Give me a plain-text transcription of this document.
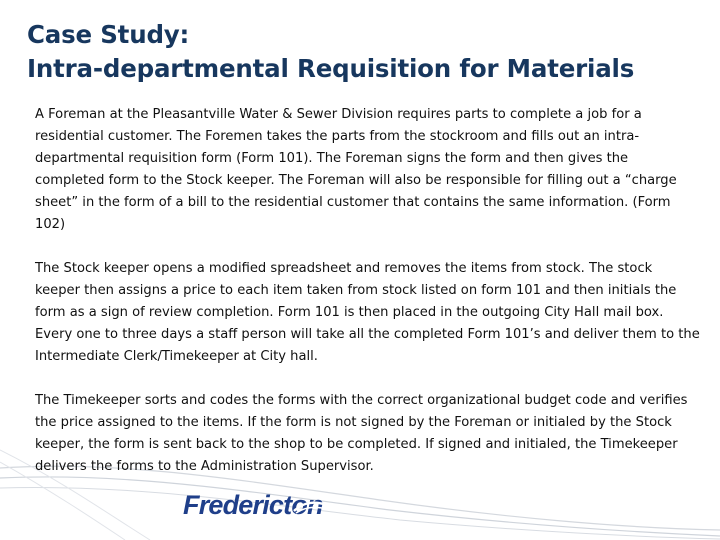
Case Study:
Intra-departmental Requisition for Materials

A Foreman at the Pleasantville Water & Sewer Division requires parts to complete a job for a residential customer. The Foremen takes the parts from the stockroom and fills out an intra-departmental requisition form (Form 101). The Foreman signs the form and then gives the completed form to the Stock keeper. The Foreman will also be responsible for filling out a “charge sheet” in the form of a bill to the residential customer that contains the same information. (Form 102)

The Stock keeper opens a modified spreadsheet and removes the items from stock. The stock keeper then assigns a price to each item taken from stock listed on form 101 and then initials the form as a sign of review completion. Form 101 is then placed in the outgoing City Hall mail box. Every one to three days a staff person will take all the completed Form 101’s and deliver them to the Intermediate Clerk/Timekeeper at City hall.

The Timekeeper sorts and codes the forms with the correct organizational budget code and verifies the price assigned to the items. If the form is not signed by the Foreman or initialed by the Stock keeper, the form is sent back to the shop to be completed. If signed and initialed, the Timekeeper delivers the forms to the Administration Supervisor.

Fredericton
